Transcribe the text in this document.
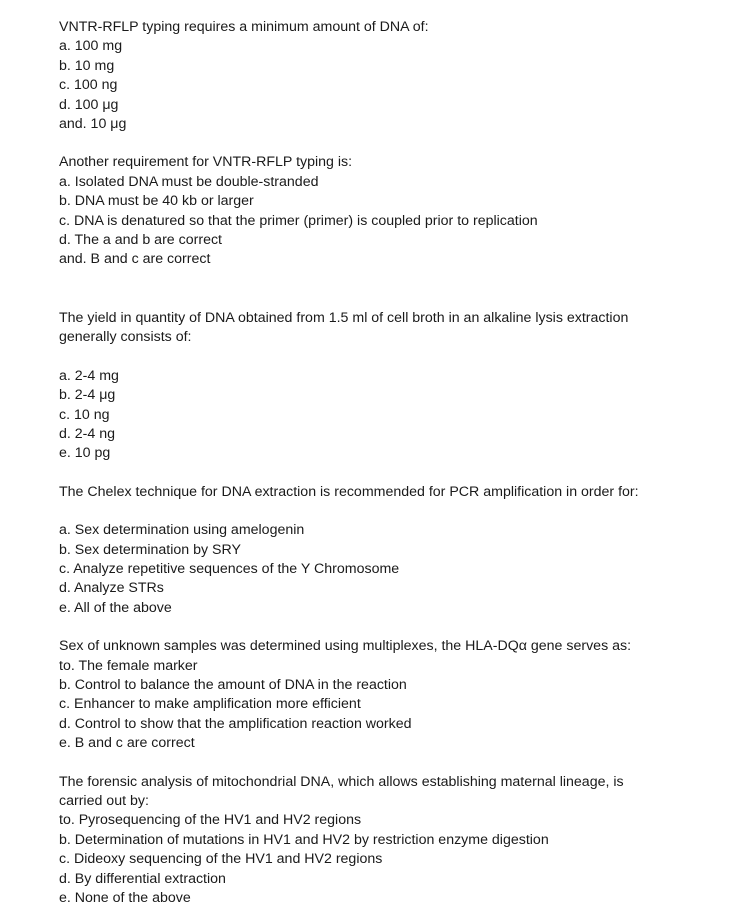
VNTR-RFLP typing requires a minimum amount of DNA of:
a. 100 mg
b. 10 mg
c. 100 ng
d. 100 μg
and. 10 μg
Another requirement for VNTR-RFLP typing is:
a. Isolated DNA must be double-stranded
b. DNA must be 40 kb or larger
c. DNA is denatured so that the primer (primer) is coupled prior to replication
d. The a and b are correct
and. B and c are correct
The yield in quantity of DNA obtained from 1.5 ml of cell broth in an alkaline lysis extraction
generally consists of:
a. 2-4 mg
b. 2-4 μg
c. 10 ng
d. 2-4 ng
e. 10 pg
The Chelex technique for DNA extraction is recommended for PCR amplification in order for:
a. Sex determination using amelogenin
b. Sex determination by SRY
c. Analyze repetitive sequences of the Y Chromosome
d. Analyze STRs
e. All of the above
Sex of unknown samples was determined using multiplexes, the HLA-DQα gene serves as:
to. The female marker
b. Control to balance the amount of DNA in the reaction
c. Enhancer to make amplification more efficient
d. Control to show that the amplification reaction worked
e. B and c are correct
The forensic analysis of mitochondrial DNA, which allows establishing maternal lineage, is
carried out by:
to. Pyrosequencing of the HV1 and HV2 regions
b. Determination of mutations in HV1 and HV2 by restriction enzyme digestion
c. Dideoxy sequencing of the HV1 and HV2 regions
d. By differential extraction
e. None of the above
